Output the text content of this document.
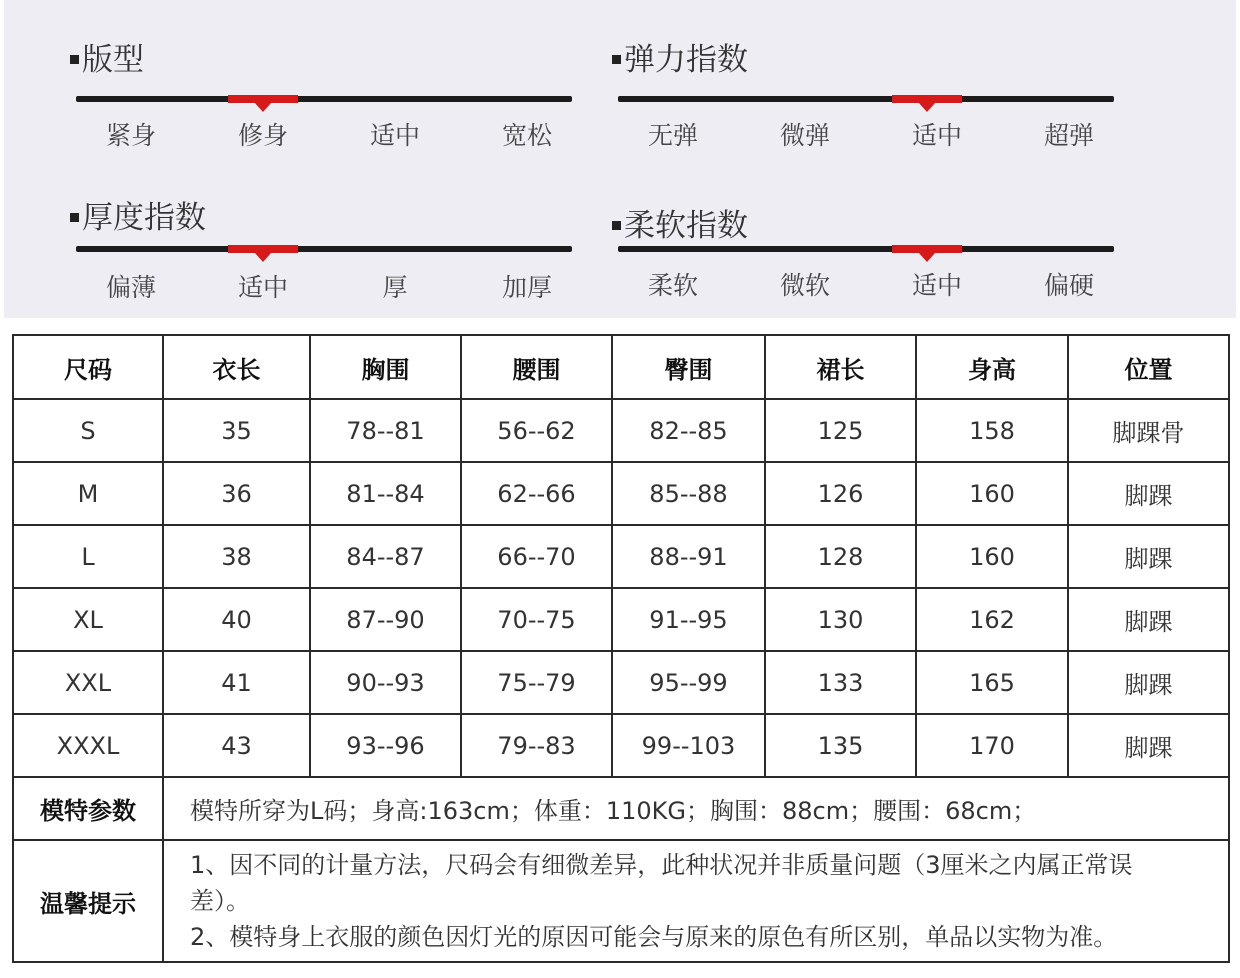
版型
紧身	修身	适中	宽松
弹力指数
无弹	微弹	适中	超弹
厚度指数
偏薄	适中	厚	加厚
柔软指数
柔软	微软	适中	偏硬
尺码	衣长	胸围	腰围	臀围	裙长	身高	位置
S	35	78--81	56--62	82--85	125	158	脚踝骨
M	36	81--84	62--66	85--88	126	160	脚踝
L	38	84--87	66--70	88--91	128	160	脚踝
XL	40	87--90	70--75	91--95	130	162	脚踝
XXL	41	90--93	75--79	95--99	133	165	脚踝
XXXL	43	93--96	79--83	99--103	135	170	脚踝
模特参数	模特所穿为L码；身高:163cm；体重：110KG；胸围：88cm；腰围：68cm；						
温馨提示	1、因不同的计量方法，尺码会有细微差异，此种状况并非质量问题（3厘米之内属正常误
差）。
2、模特身上衣服的颜色因灯光的原因可能会与原来的原色有所区别，单品以实物为准。						
